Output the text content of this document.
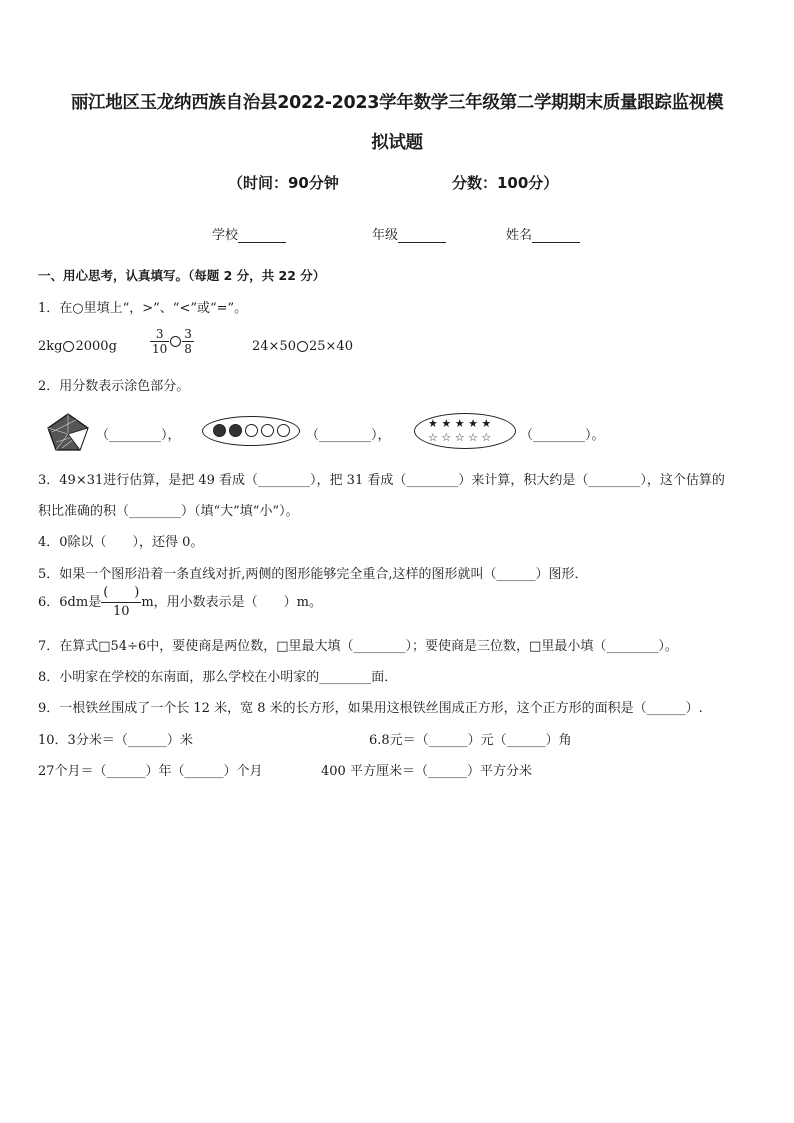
丽江地区玉龙纳西族自治县2022-2023学年数学三年级第二学期期末质量跟踪监视模
拟试题
（时间：90分钟	分数：100分）
学校	年级	姓名
一、用心思考，认真填写。（每题 2 分，共 22 分）
1．在○里填上“，>”、“<”或“=”。
2kg 2000g	$\frac{3}{10} \frac{3}{8}$	24×50 25×40
2．用分数表示涂色部分。
（________），	（________），
★ ★ ★ ★ ★
☆ ☆ ☆ ☆ ☆ （________）。
3．49×31进行估算，是把 49 看成（________），把 31 看成（________）来计算，积大约是（________），这个估算的
积比准确的积（________）（填“大”填“小”）。
4．0除以（　　），还得 0。
5．如果一个图形沿着一条直线对折,两侧的图形能够完全重合,这样的图形就叫（______）图形．
6．6dm是 $\frac{( )}{10}$ m，用小数表示是（　　）m。
7．在算式□54÷6中，要使商是两位数，□里最大填（________）；要使商是三位数，□里最小填（________）。
8．小明家在学校的东南面，那么学校在小明家的________面．
9．一根铁丝围成了一个长 12 米，宽 8 米的长方形，如果用这根铁丝围成正方形，这个正方形的面积是（______）.
10．3分米＝（______）米	6.8元＝（______）元（______）角
27个月＝（______）年（______）个月	400 平方厘米＝（______）平方分米
